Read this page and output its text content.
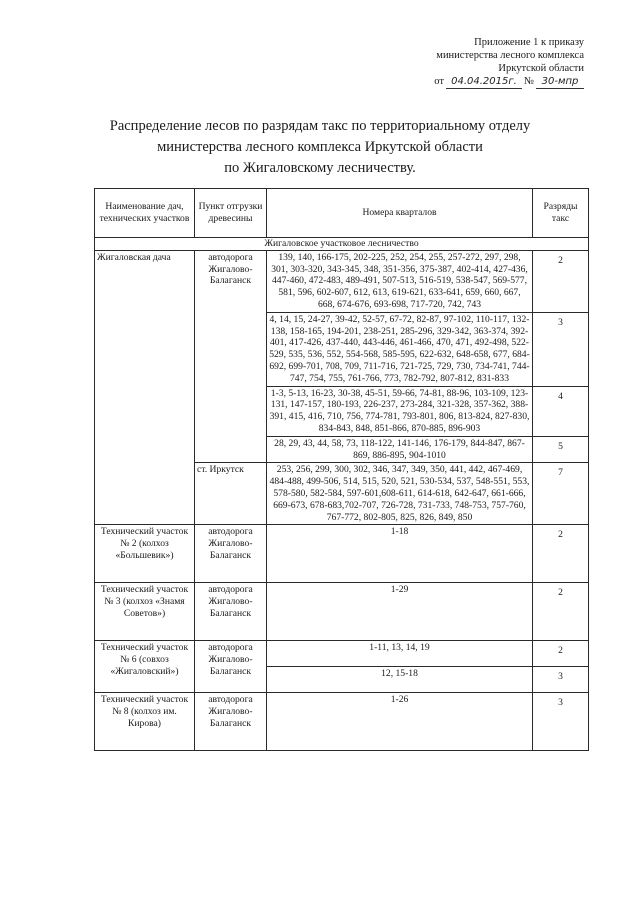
Приложение 1 к приказу
министерства лесного комплекса
Иркутской области
от 04.04.2015г. № 30-мпр
Распределение лесов по разрядам такс по территориальному отделу
министерства лесного комплекса Иркутской области
по Жигаловскому лесничеству.
Наименование дач, технических участков	Пункт отгрузки древесины	Номера кварталов	Разряды такс
Жигаловское участковое лесничество			
Жигаловская дача	автодорога Жигалово-Балаганск	139, 140, 166-175, 202-225, 252, 254, 255, 257-272, 297, 298, 301, 303-320, 343-345, 348, 351-356, 375-387, 402-414, 427-436, 447-460, 472-483, 489-491, 507-513, 516-519, 538-547, 569-577, 581, 596, 602-607, 612, 613, 619-621, 633-641, 659, 660, 667, 668, 674-676, 693-698, 717-720, 742, 743	2
		4, 14, 15, 24-27, 39-42, 52-57, 67-72, 82-87, 97-102, 110-117, 132-138, 158-165, 194-201, 238-251, 285-296, 329-342, 363-374, 392-401, 417-426, 437-440, 443-446, 461-466, 470, 471, 492-498, 522-529, 535, 536, 552, 554-568, 585-595, 622-632, 648-658, 677, 684-692, 699-701, 708, 709, 711-716, 721-725, 729, 730, 734-741, 744-747, 754, 755, 761-766, 773, 782-792, 807-812, 831-833	3
		1-3, 5-13, 16-23, 30-38, 45-51, 59-66, 74-81, 88-96, 103-109, 123-131, 147-157, 180-193, 226-237, 273-284, 321-328, 357-362, 388-391, 415, 416, 710, 756, 774-781, 793-801, 806, 813-824, 827-830, 834-843, 848, 851-866, 870-885, 896-903	4
		28, 29, 43, 44, 58, 73, 118-122, 141-146, 176-179, 844-847, 867-869, 886-895, 904-1010	5
	ст. Иркутск	253, 256, 299, 300, 302, 346, 347, 349, 350, 441, 442, 467-469, 484-488, 499-506, 514, 515, 520, 521, 530-534, 537, 548-551, 553, 578-580, 582-584, 597-601,608-611, 614-618, 642-647, 661-666, 669-673, 678-683,702-707, 726-728, 731-733, 748-753, 757-760, 767-772, 802-805, 825, 826, 849, 850	7
Технический участок № 2 (колхоз «Большевик»)	автодорога Жигалово-Балаганск	1-18	2
Технический участок № 3 (колхоз «Знамя Советов»)	автодорога Жигалово-Балаганск	1-29	2
Технический участок № 6 (совхоз «Жигаловский»)	автодорога Жигалово-Балаганск	1-11, 13, 14, 19	2
		12, 15-18	3
Технический участок № 8 (колхоз им. Кирова)	автодорога Жигалово-Балаганск	1-26	3
